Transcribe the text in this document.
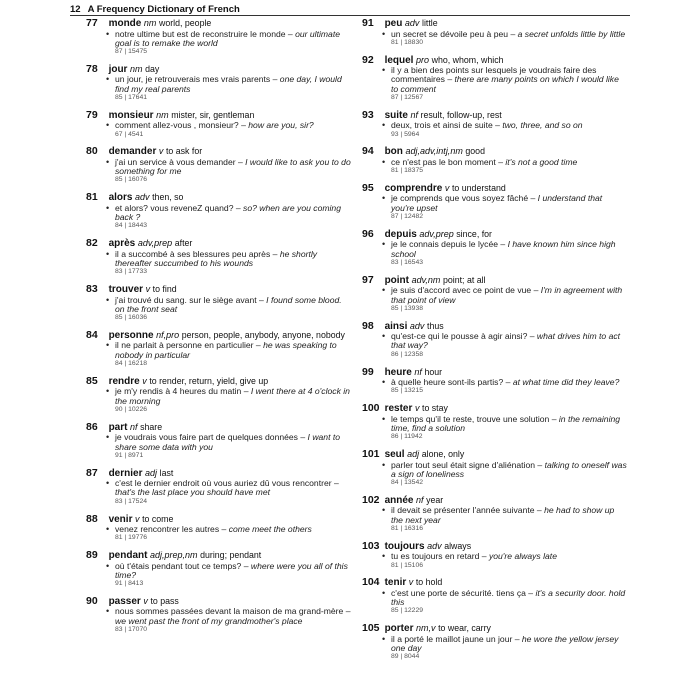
12 A Frequency Dictionary of French
77 monde nm world, people
• notre ultime but est de reconstruire le monde – our ultimate goal is to remake the world
87 | 15475
78 jour nm day
• un jour, je retrouverais mes vrais parents – one day, I would find my real parents
85 | 17641
79 monsieur nm mister, sir, gentleman
• comment allez-vous , monsieur? – how are you, sir?
67 | 4541
80 demander v to ask for
• j'ai un service à vous demander – I would like to ask you to do something for me
85 | 16076
81 alors adv then, so
• et alors? vous reveneZ quand? – so? when are you coming back ?
84 | 18443
82 après adv,prep after
• il a succombé à ses blessures peu après – he shortly thereafter succumbed to his wounds
83 | 17733
83 trouver v to find
• j'ai trouvé du sang. sur le siège avant – I found some blood. on the front seat
85 | 16036
84 personne nf,pro person, people, anybody, anyone, nobody
• il ne parlait à personne en particulier – he was speaking to nobody in particular
84 | 16218
85 rendre v to render, return, yield, give up
• je m'y rendis à 4 heures du matin – I went there at 4 o'clock in the morning
90 | 10226
86 part nf share
• je voudrais vous faire part de quelques données – I want to share some data with you
91 | 8971
87 dernier adj last
• c'est le dernier endroit où vous auriez dû vous rencontrer – that's the last place you should have met
83 | 17524
88 venir v to come
• venez rencontrer les autres – come meet the others
81 | 19776
89 pendant adj,prep,nm during; pendant
• où t'étais pendant tout ce temps? – where were you all of this time?
91 | 8413
90 passer v to pass
• nous sommes passées devant la maison de ma grand-mère – we went past the front of my grandmother's place
83 | 17070
91 peu adv little
• un secret se dévoile peu à peu – a secret unfolds little by little
81 | 18830
92 lequel pro who, whom, which
• il y a bien des points sur lesquels je voudrais faire des commentaires – there are many points on which I would like to comment
87 | 12567
93 suite nf result, follow-up, rest
• deux, trois et ainsi de suite – two, three, and so on
93 | 5964
94 bon adj,adv,intj,nm good
• ce n'est pas le bon moment – it's not a good time
81 | 18375
95 comprendre v to understand
• je comprends que vous soyez fâché – I understand that you're upset
87 | 12482
96 depuis adv,prep since, for
• je le connais depuis le lycée – I have known him since high school
83 | 16543
97 point adv,nm point; at all
• je suis d'accord avec ce point de vue – I'm in agreement with that point of view
85 | 13938
98 ainsi adv thus
• qu'est-ce qui le pousse à agir ainsi? – what drives him to act that way?
86 | 12358
99 heure nf hour
• à quelle heure sont-ils partis? – at what time did they leave?
85 | 13215
100 rester v to stay
• le temps qu'il te reste, trouve une solution – in the remaining time, find a solution
86 | 11942
101 seul adj alone, only
• parler tout seul était signe d'aliénation – talking to oneself was a sign of loneliness
84 | 13542
102 année nf year
• il devait se présenter l'année suivante – he had to show up the next year
81 | 16316
103 toujours adv always
• tu es toujours en retard – you're always late
81 | 15106
104 tenir v to hold
• c'est une porte de sécurité. tiens ça – it's a security door. hold this
85 | 12229
105 porter nm,v to wear, carry
• il a porté le maillot jaune un jour – he wore the yellow jersey one day
89 | 8044
